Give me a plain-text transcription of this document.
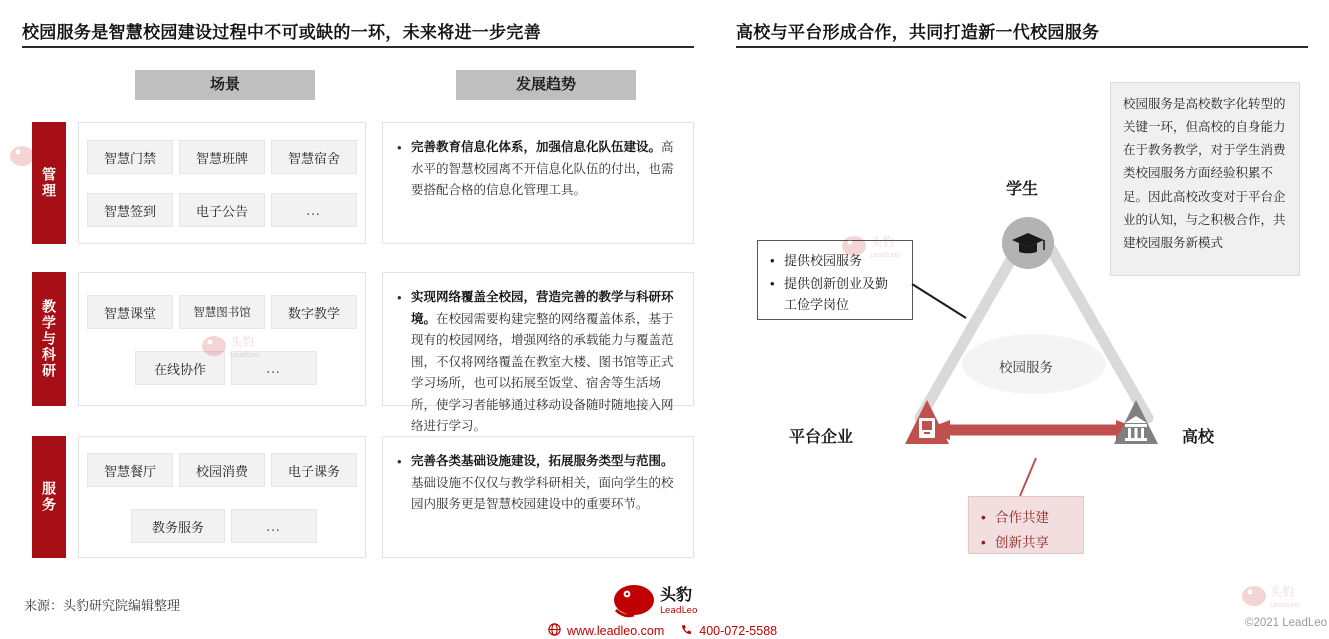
校园服务是智慧校园建设过程中不可或缺的一环，未来将进一步完善
场景	发展趋势
管理
智慧门禁	智慧班牌	智慧宿舍
智慧签到	电子公告	…
• 完善教育信息化体系，加强信息化队伍建设。高水平的智慧校园离不开信息化队伍的付出，也需要搭配合格的信息化管理工具。
教学与科研	智慧课堂	智慧图书馆	数字教学
在线协作	…
• 实现网络覆盖全校园，营造完善的教学与科研环境。在校园需要构建完整的网络覆盖体系，基于现有的校园网络，增强网络的承载能力与覆盖范围，不仅将网络覆盖在教室大楼、图书馆等正式学习场所，也可以拓展至饭堂、宿舍等生活场所，使学习者能够通过移动设备随时随地接入网络进行学习。
服务
智慧餐厅	校园消费	电子课务
教务服务	…
• 完善各类基础设施建设，拓展服务类型与范围。基础设施不仅仅与教学科研相关，面向学生的校园内服务更是智慧校园建设中的重要环节。
来源：头豹研究院编辑整理
高校与平台形成合作，共同打造新一代校园服务
学生
平台企业	高校
校园服务
校园服务是高校数字化转型的关键一环，但高校的自身能力在于教务教学，对于学生消费类校园服务方面经验积累不足。因此高校改变对于平台企业的认知，与之积极合作，共建校园服务新模式
• 提供校园服务
• 提供创新创业及勤工俭学岗位
• 合作共建
• 创新共享
头豹
LeadLeo
头豹
LeadLeo
www.leadleo.com	400-072-5588
©2021 LeadLeo
